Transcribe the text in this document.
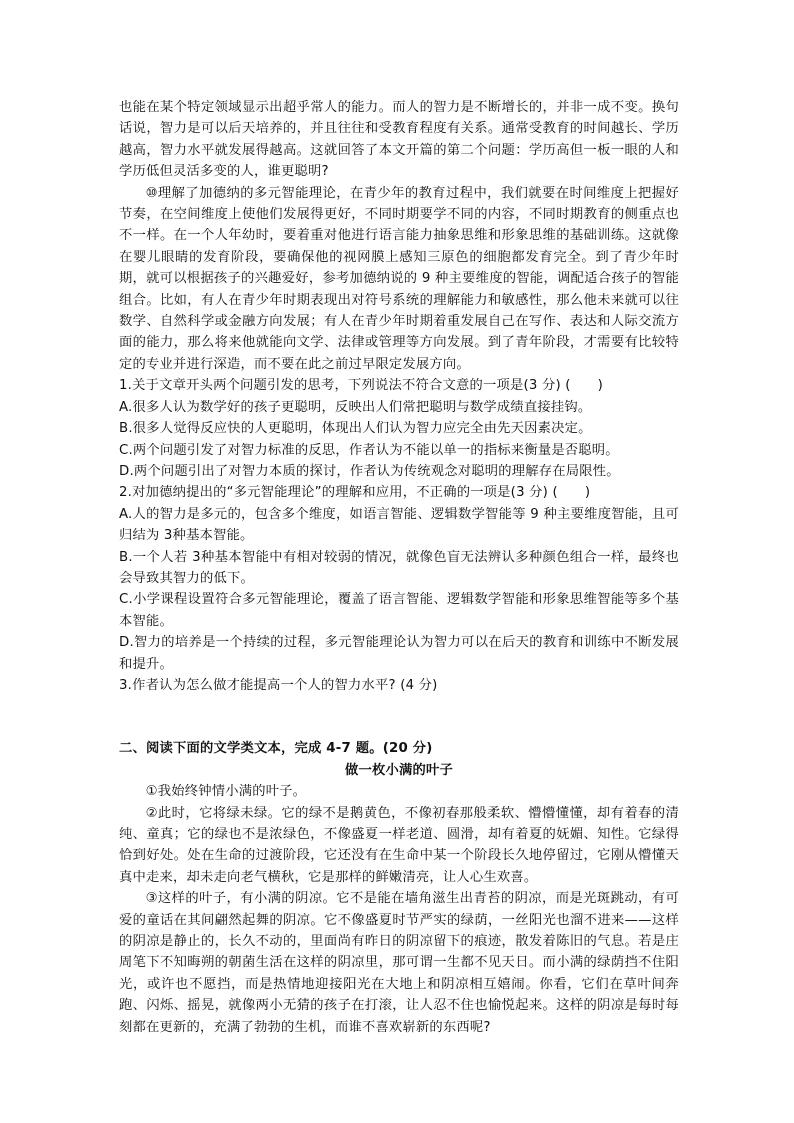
也能在某个特定领域显示出超乎常人的能力。而人的智力是不断增长的，并非一成不变。换句话说，智力是可以后天培养的，并且往往和受教育程度有关系。通常受教育的时间越长、学历越高，智力水平就发展得越高。这就回答了本文开篇的第二个问题：学历高但一板一眼的人和学历低但灵活多变的人，谁更聪明?

⑩理解了加德纳的多元智能理论，在青少年的教育过程中，我们就要在时间维度上把握好节奏，在空间维度上使他们发展得更好，不同时期要学不同的内容，不同时期教育的侧重点也不一样。在一个人年幼时，要着重对他进行语言能力抽象思维和形象思维的基础训练。这就像在婴儿眼睛的发育阶段，要确保他的视网膜上感知三原色的细胞都发育完全。到了青少年时期，就可以根据孩子的兴趣爱好，参考加德纳说的 9 种主要维度的智能，调配适合孩子的智能组合。比如，有人在青少年时期表现出对符号系统的理解能力和敏感性，那么他未来就可以往数学、自然科学或金融方向发展；有人在青少年时期着重发展自己在写作、表达和人际交流方面的能力，那么将来他就能向文学、法律或管理等方向发展。到了青年阶段，才需要有比较特定的专业并进行深造，而不要在此之前过早限定发展方向。

1.关于文章开头两个问题引发的思考，下列说法不符合文意的一项是(3 分) (　　)

A.很多人认为数学好的孩子更聪明，反映出人们常把聪明与数学成绩直接挂钩。

B.很多人觉得反应快的人更聪明，体现出人们认为智力应完全由先天因素决定。

C.两个问题引发了对智力标准的反思，作者认为不能以单一的指标来衡量是否聪明。

D.两个问题引出了对智力本质的探讨，作者认为传统观念对聪明的理解存在局限性。

2.对加德纳提出的“多元智能理论”的理解和应用，不正确的一项是(3 分) (　　)

A.人的智力是多元的，包含多个维度，如语言智能、逻辑数学智能等 9 种主要维度智能，且可归结为 3种基本智能。

B.一个人若 3种基本智能中有相对较弱的情况，就像色盲无法辨认多种颜色组合一样，最终也会导致其智力的低下。

C.小学课程设置符合多元智能理论，覆盖了语言智能、逻辑数学智能和形象思维智能等多个基本智能。

D.智力的培养是一个持续的过程，多元智能理论认为智力可以在后天的教育和训练中不断发展和提升。

3.作者认为怎么做才能提高一个人的智力水平? (4 分)

二、阅读下面的文学类文本，完成 4-7 题。(20 分)

做一枚小满的叶子

①我始终钟情小满的叶子。

②此时，它将绿未绿。它的绿不是鹅黄色，不像初春那般柔软、懵懵懂懂，却有着春的清纯、童真；它的绿也不是浓绿色，不像盛夏一样老道、圆滑，却有着夏的妩媚、知性。它绿得恰到好处。处在生命的过渡阶段，它还没有在生命中某一个阶段长久地停留过，它刚从懵懂天真中走来，却未走向老气横秋，它是那样的鲜嫩清亮，让人心生欢喜。

③这样的叶子，有小满的阴凉。它不是能在墙角滋生出青苔的阴凉，而是光斑跳动，有可爱的童话在其间翩然起舞的阴凉。它不像盛夏时节严实的绿荫，一丝阳光也溜不进来——这样的阴凉是静止的，长久不动的，里面尚有昨日的阴凉留下的痕迹，散发着陈旧的气息。若是庄周笔下不知晦朔的朝菌生活在这样的阴凉里，那可谓一生都不见天日。而小满的绿荫挡不住阳光，或许也不愿挡，而是热情地迎接阳光在大地上和阴凉相互嬉闹。你看，它们在草叶间奔跑、闪烁、摇晃，就像两小无猜的孩子在打滚，让人忍不住也愉悦起来。这样的阴凉是每时每刻都在更新的，充满了勃勃的生机，而谁不喜欢崭新的东西呢?
